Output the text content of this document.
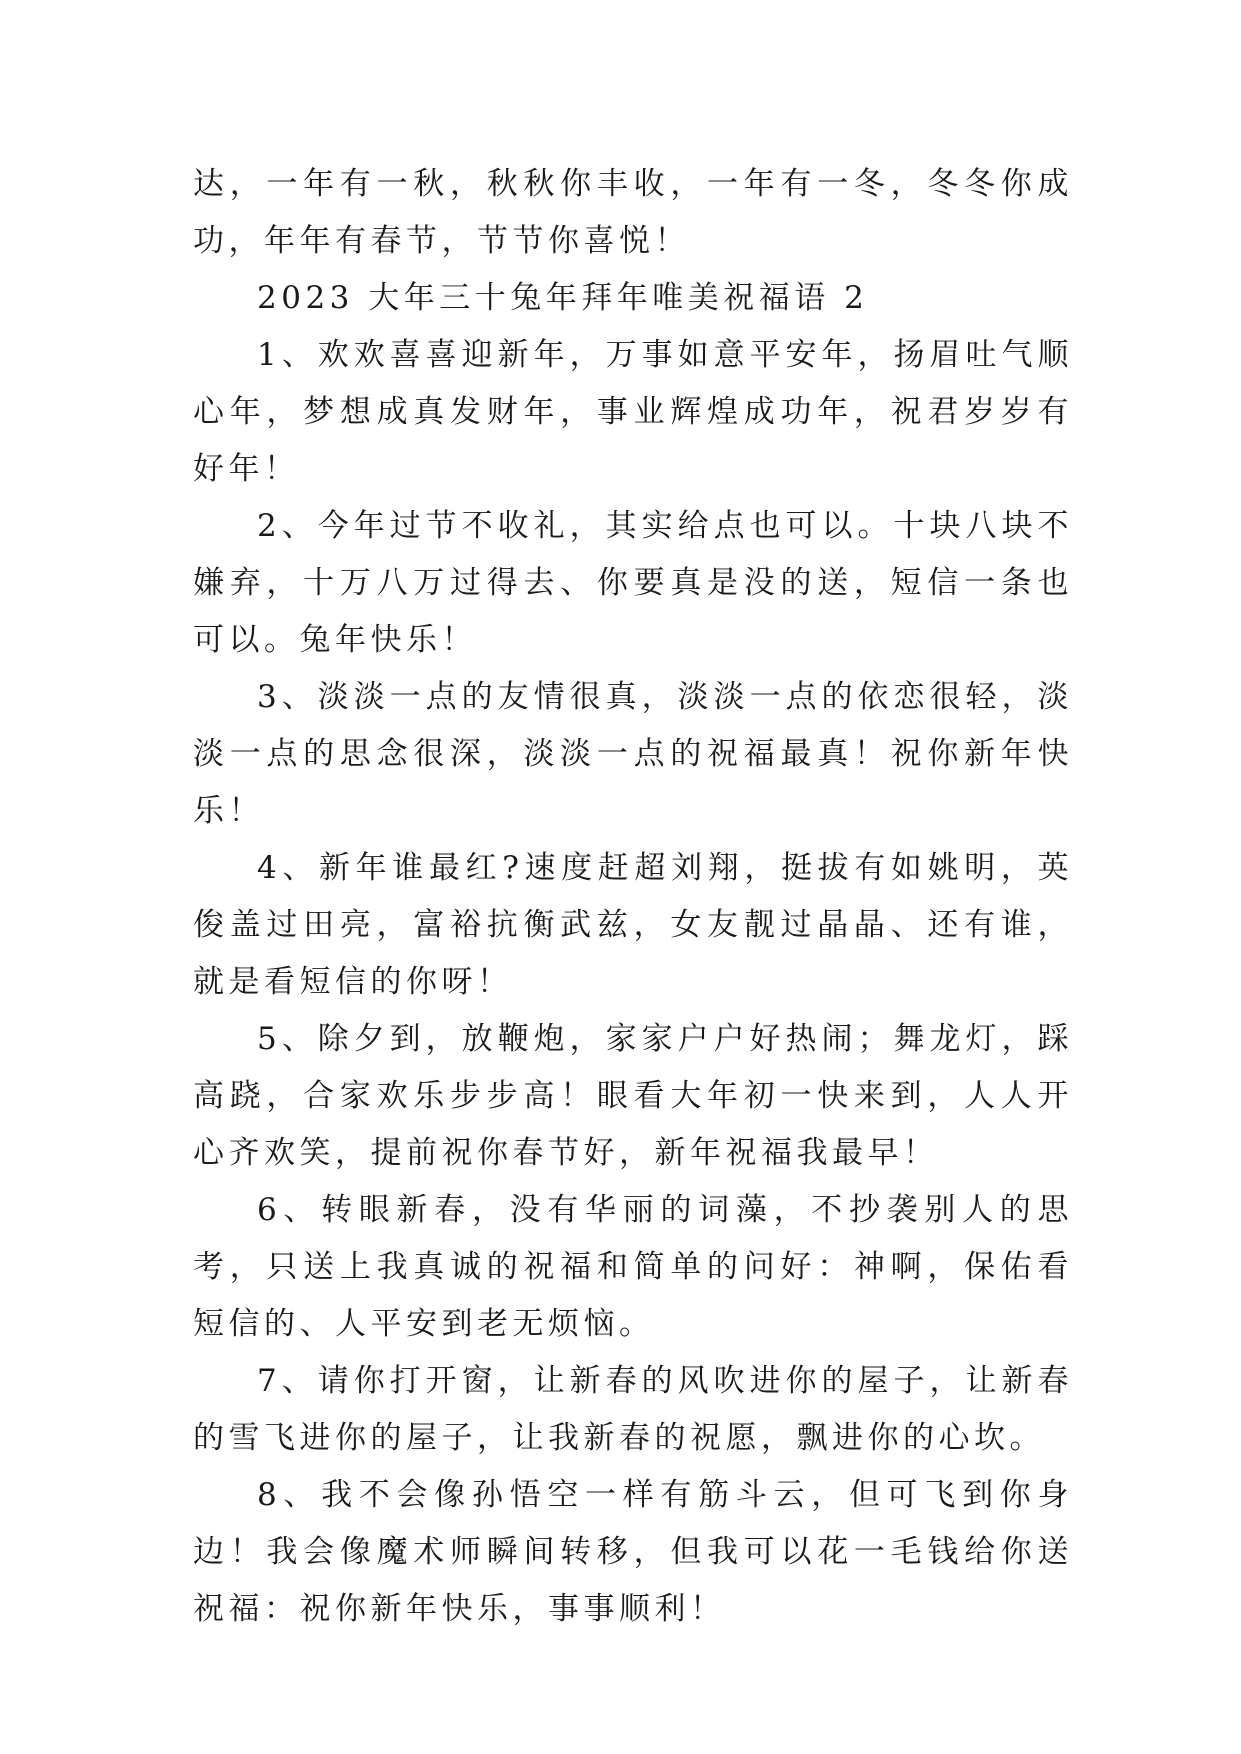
达，一年有一秋，秋秋你丰收，一年有一冬，冬冬你成功，年年有春节，节节你喜悦！

2023 大年三十兔年拜年唯美祝福语 2

1、欢欢喜喜迎新年，万事如意平安年，扬眉吐气顺心年，梦想成真发财年，事业辉煌成功年，祝君岁岁有好年！

2、今年过节不收礼，其实给点也可以。十块八块不嫌弃，十万八万过得去、你要真是没的送，短信一条也可以。兔年快乐！

3、淡淡一点的友情很真，淡淡一点的依恋很轻，淡淡一点的思念很深，淡淡一点的祝福最真！祝你新年快乐！

4、新年谁最红?速度赶超刘翔，挺拔有如姚明，英俊盖过田亮，富裕抗衡武兹，女友靓过晶晶、还有谁，就是看短信的你呀！

5、除夕到，放鞭炮，家家户户好热闹；舞龙灯，踩高跷，合家欢乐步步高！眼看大年初一快来到，人人开心齐欢笑，提前祝你春节好，新年祝福我最早！

6、转眼新春，没有华丽的词藻，不抄袭别人的思考，只送上我真诚的祝福和简单的问好：神啊，保佑看短信的、人平安到老无烦恼。

7、请你打开窗，让新春的风吹进你的屋子，让新春的雪飞进你的屋子，让我新春的祝愿，飘进你的心坎。

8、我不会像孙悟空一样有筋斗云，但可飞到你身边！我会像魔术师瞬间转移，但我可以花一毛钱给你送祝福：祝你新年快乐，事事顺利！
